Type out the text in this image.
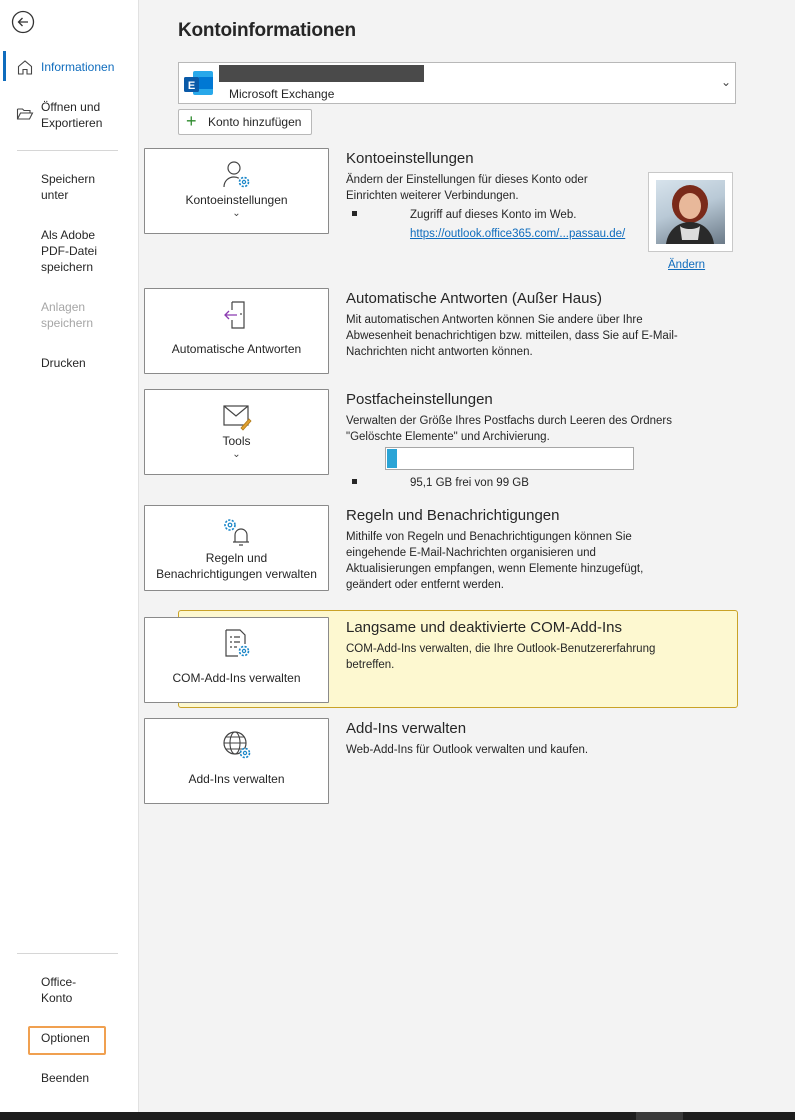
Informationen
Öffnen und Exportieren
Speichern unter
Als Adobe PDF-Datei speichern
Anlagen speichern
Drucken
Office-Konto
Optionen
Beenden
Kontoinformationen
E
Microsoft Exchange
⌄
+ Konto hinzufügen
Kontoeinstellungen
⌄
Kontoeinstellungen
Ändern der Einstellungen für dieses Konto oder Einrichten weiterer Verbindungen.
Zugriff auf dieses Konto im Web.
https://outlook.office365.com/...passau.de/
Ändern
Automatische Antworten
Automatische Antworten (Außer Haus)
Mit automatischen Antworten können Sie andere über Ihre Abwesenheit benachrichtigen bzw. mitteilen, dass Sie auf E-Mail-Nachrichten nicht antworten können.
Tools
⌄
Postfacheinstellungen
Verwalten der Größe Ihres Postfachs durch Leeren des Ordners "Gelöschte Elemente" und Archivierung.
95,1 GB frei von 99 GB
Regeln und
Benachrichtigungen verwalten
Regeln und Benachrichtigungen
Mithilfe von Regeln und Benachrichtigungen können Sie eingehende E-Mail-Nachrichten organisieren und Aktualisierungen empfangen, wenn Elemente hinzugefügt, geändert oder entfernt werden.
COM-Add-Ins verwalten
Langsame und deaktivierte COM-Add-Ins
COM-Add-Ins verwalten, die Ihre Outlook-Benutzererfahrung betreffen.
Add-Ins verwalten
Add-Ins verwalten
Web-Add-Ins für Outlook verwalten und kaufen.
